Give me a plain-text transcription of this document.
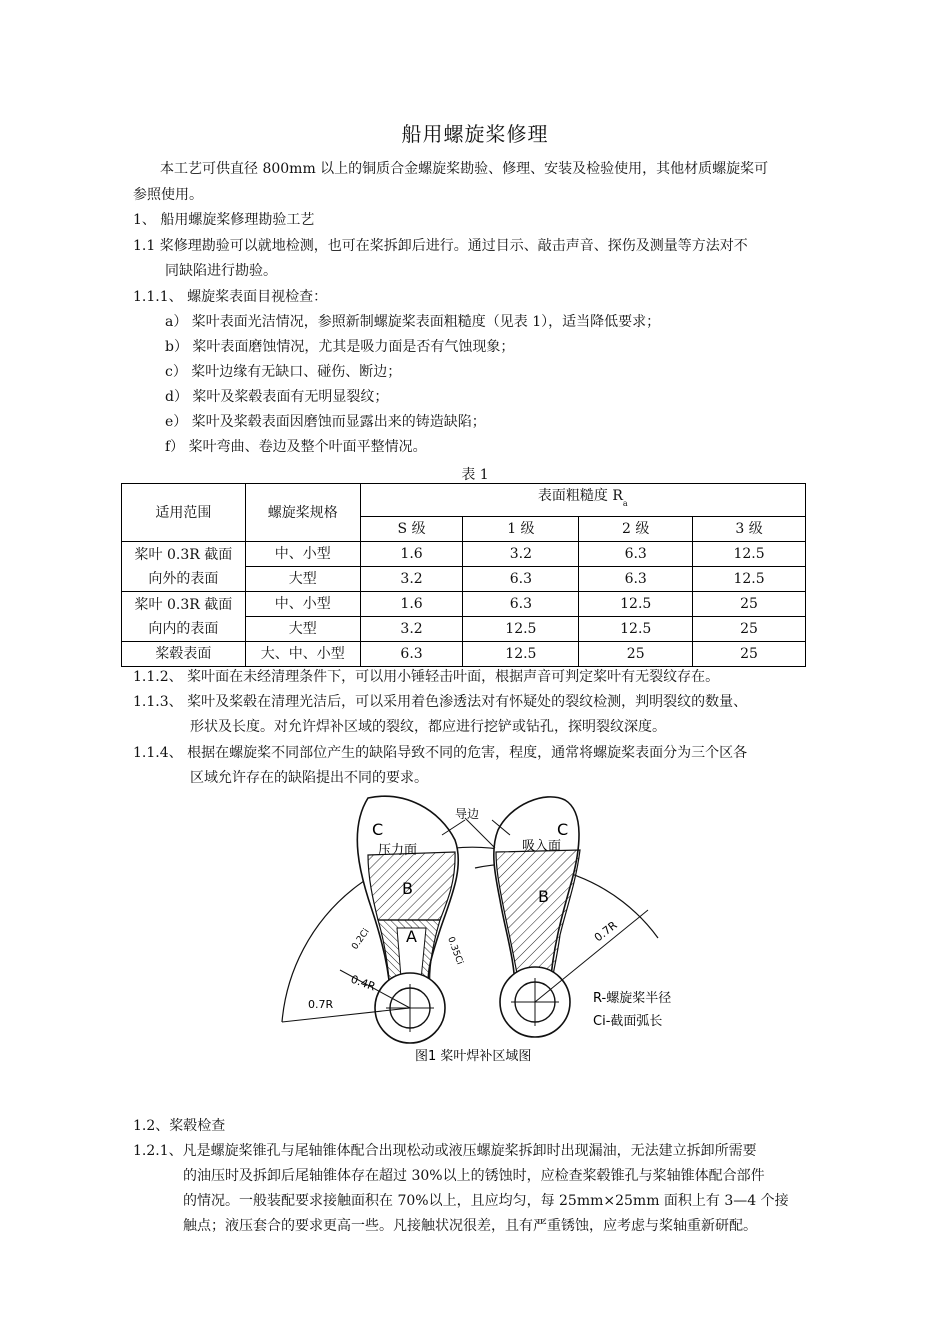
船用螺旋桨修理
本工艺可供直径 800mm 以上的铜质合金螺旋桨勘验、修理、安装及检验使用，其他材质螺旋桨可
参照使用。
1、 船用螺旋桨修理勘验工艺
1.1 桨修理勘验可以就地检测，也可在桨拆卸后进行。通过目示、敲击声音、探伤及测量等方法对不
同缺陷进行勘验。
1.1.1、 螺旋桨表面目视检查：
a） 桨叶表面光洁情况，参照新制螺旋桨表面粗糙度（见表 1），适当降低要求；
b） 桨叶表面磨蚀情况，尤其是吸力面是否有气蚀现象；
c） 桨叶边缘有无缺口、碰伤、断边；
d） 桨叶及桨毂表面有无明显裂纹；
e） 桨叶及桨毂表面因磨蚀而显露出来的铸造缺陷；
f） 桨叶弯曲、卷边及整个叶面平整情况。
表 1
适用范围	螺旋桨规格	表面粗糙度 $R_a$
		S 级	1 级	2 级	3 级

桨叶 0.3R 截面
向外的表面	中、小型	1.6	3.2	6.3	12.5
	大型	3.2	6.3	6.3	12.5

桨叶 0.3R 截面
向内的表面	中、小型	1.6	6.3	12.5	25
	大型	3.2	12.5	12.5	25
桨毂表面	大、中、小型	6.3	12.5	25	25
1.1.2、 桨叶面在未经清理条件下，可以用小锤轻击叶面，根据声音可判定桨叶有无裂纹存在。
1.1.3、 桨叶及桨毂在清理光洁后，可以采用着色渗透法对有怀疑处的裂纹检测，判明裂纹的数量、
形状及长度。对允许焊补区域的裂纹，都应进行挖铲或钻孔，探明裂纹深度。
1.1.4、 根据在螺旋桨不同部位产生的缺陷导致不同的危害，程度，通常将螺旋桨表面分为三个区各
区域允许存在的缺陷提出不同的要求。
C	C
导边
压力面	吸入面
B	B
A
0.2Ci	0.35Ci
0.4R
0.7R
0.7R
R-螺旋桨半径
Ci-截面弧长
图1 桨叶焊补区域图
1.2、桨毂检查
1.2.1、凡是螺旋桨锥孔与尾轴锥体配合出现松动或液压螺旋桨拆卸时出现漏油，无法建立拆卸所需要
的油压时及拆卸后尾轴锥体存在超过 30%以上的锈蚀时，应检查桨毂锥孔与桨轴锥体配合部件
的情况。一般装配要求接触面积在 70%以上，且应均匀，每 25mm×25mm 面积上有 3—4 个接
触点；液压套合的要求更高一些。凡接触状况很差，且有严重锈蚀，应考虑与桨轴重新研配。
